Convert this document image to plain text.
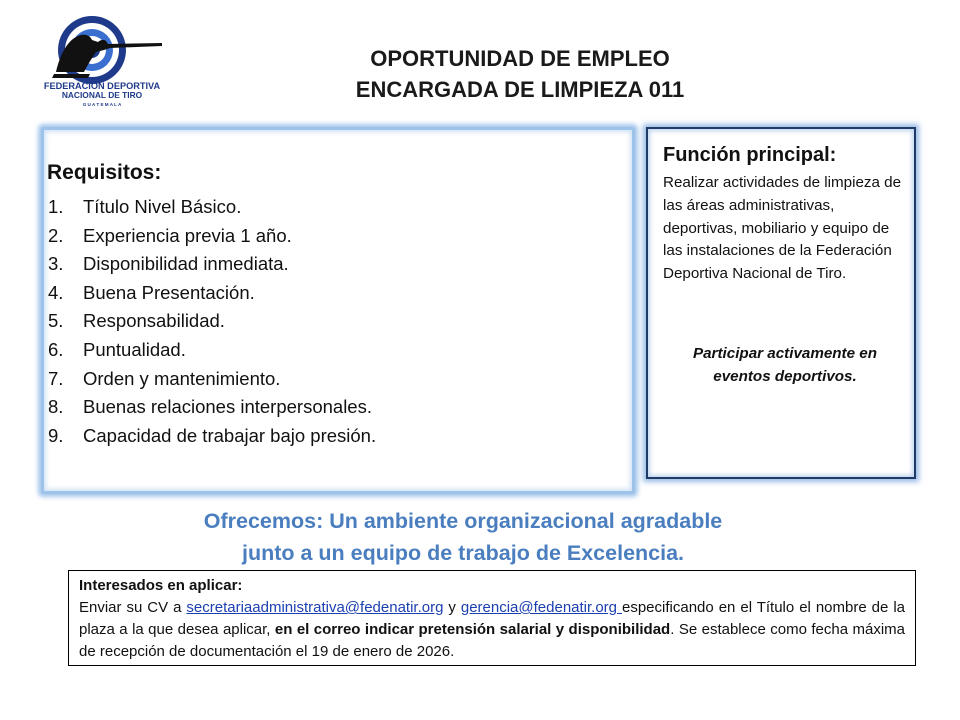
FEDERACIÓN DEPORTIVA
NACIONAL DE TIRO
G U A T E M A L A
OPORTUNIDAD DE EMPLEO
ENCARGADA DE LIMPIEZA 011
Requisitos:
1.	Título Nivel Básico.
2.	Experiencia previa 1 año.
3.	Disponibilidad inmediata.
4.	Buena Presentación.
5.	Responsabilidad.
6.	Puntualidad.
7.	Orden y mantenimiento.
8.	Buenas relaciones interpersonales.
9.	Capacidad de trabajar bajo presión.
Función principal:
Realizar actividades de limpieza de las áreas administrativas, deportivas, mobiliario y equipo de las instalaciones de la Federación Deportiva Nacional de Tiro.
Participar activamente en eventos deportivos.
Ofrecemos: Un ambiente organizacional agradable
junto a un equipo de trabajo de Excelencia.
Interesados en aplicar:
Enviar su CV a secretariaadministrativa@fedenatir.org y gerencia@fedenatir.org especificando en el Título el nombre de la plaza a la que desea aplicar, en el correo indicar pretensión salarial y disponibilidad. Se establece como fecha máxima de recepción de documentación el 19 de enero de 2026.
